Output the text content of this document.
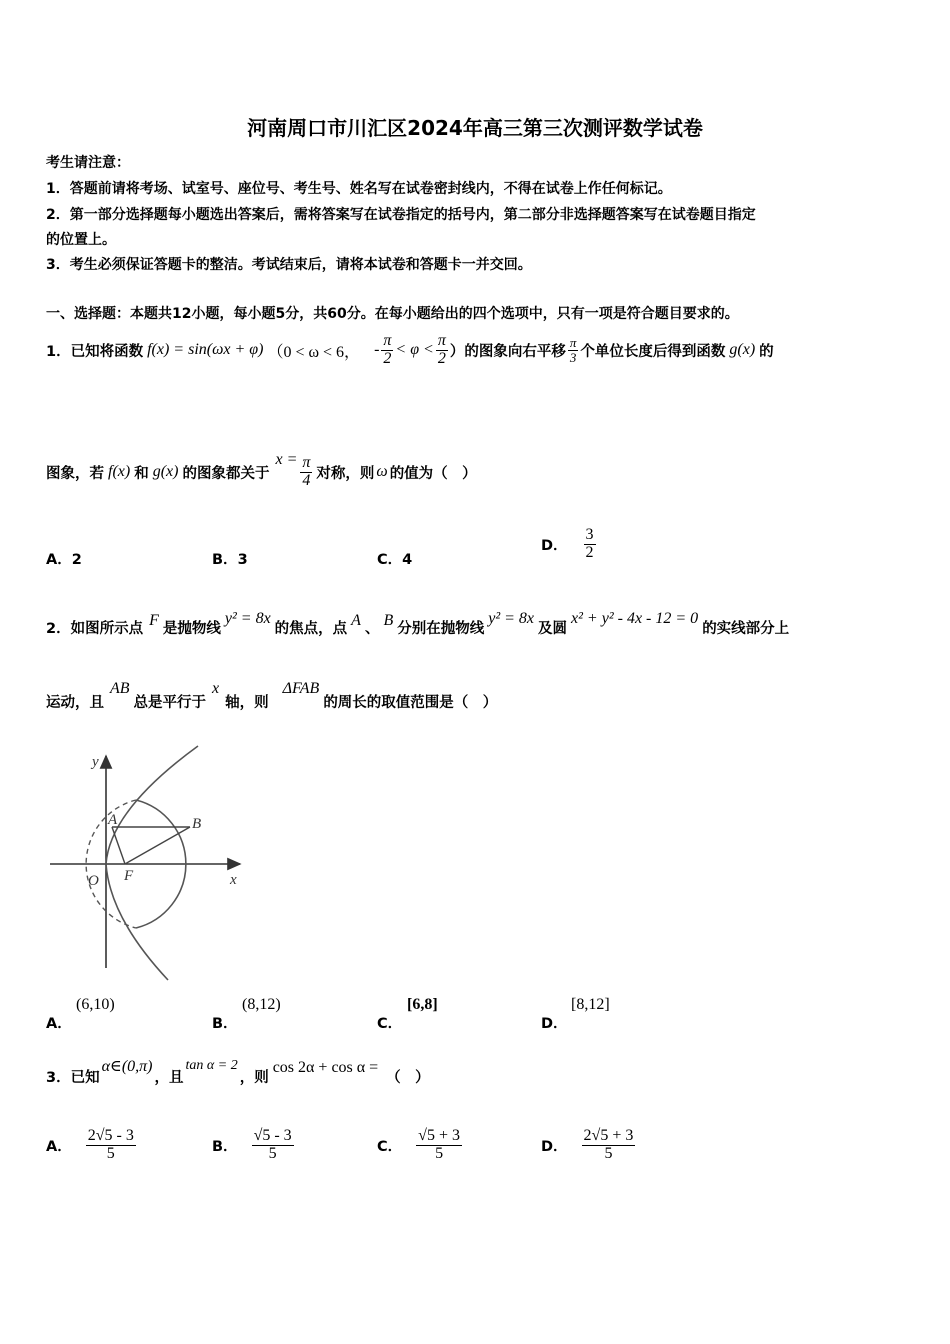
河南周口市川汇区2024年高三第三次测评数学试卷
考生请注意：
1．答题前请将考场、试室号、座位号、考生号、姓名写在试卷密封线内，不得在试卷上作任何标记。
2．第一部分选择题每小题选出答案后，需将答案写在试卷指定的括号内，第二部分非选择题答案写在试卷题目指定
的位置上。
3．考生必须保证答题卡的整洁。考试结束后，请将本试卷和答题卡一并交回。
一、选择题：本题共12小题，每小题5分，共60分。在每小题给出的四个选项中，只有一项是符合题目要求的。
1．已知将函数 f(x) = sin(ωx + φ) （0 < ω < 6， - $\frac{\pi}{2} < \varphi < \frac{\pi}{2}$ ）的图象向右平移 $\frac{\pi}{3}$ 个单位长度后得到函数 g(x) 的
图象，若 f(x) 和 g(x) 的图象都关于
$x = \frac{\pi}{4}$ 对称，则 ω 的值为（　）
A．2	B．3	C．4
D． $\frac{3}{2}$
2．如图所示点 F 是抛物线
y² = 8x
的焦点，点 A 、 B 分别在抛物线
y² = 8x
及圆
x² + y² - 4x - 12 = 0
的实线部分上
运动，且
AB
总是平行于
x
轴，则
ΔFAB
的周长的取值范围是（　）
y
x
O F
A	B
A．
(6,10)
B．
(8,12)
C．
[6,8]
D．
[8,12]
3．已知
α∈(0,π)
，且
tan α = 2
，则
cos 2α + cos α =
（　）
A． $\frac{2√5 - 3}{5}$	B． $\frac{√5 - 3}{5}$	C． $\frac{√5 + 3}{5}$	D． $\frac{2√5 + 3}{5}$
